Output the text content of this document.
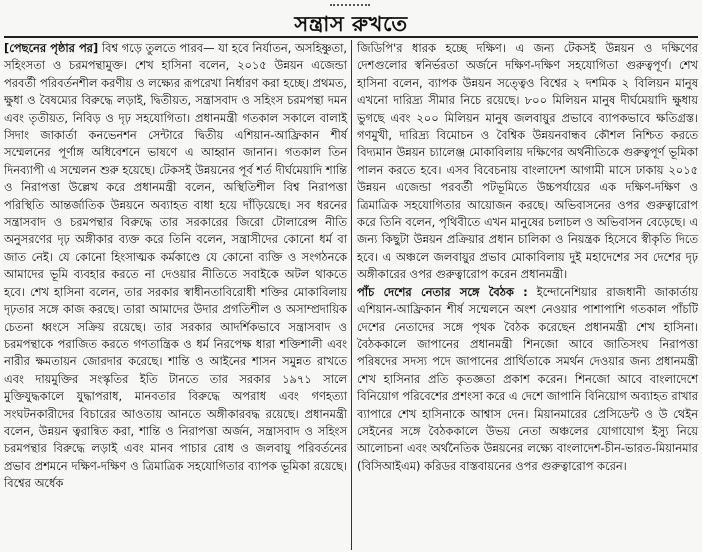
সন্ত্রাস রুখতে

[পেছনের পৃষ্ঠার পর] বিশ্ব গড়ে তুলতে পারব— যা হবে নির্যাতন, অসহিষ্ণুতা, সহিংসতা ও চরমপন্থামুক্ত। শেখ হাসিনা বলেন, ২০১৫ উন্নয়ন এজেন্ডা পরবর্তী পরিবর্তনশীল করণীয় ও লক্ষ্যের রূপরেখা নির্ধারণ করা হচ্ছে। প্রথমত, ক্ষুধা ও বৈষম্যের বিরুদ্ধে লড়াই, দ্বিতীয়ত, সন্ত্রাসবাদ ও সহিংস চরমপন্থা দমন এবং তৃতীয়ত, নিবিড় ও দৃঢ় সহযোগিতা। প্রধানমন্ত্রী গতকাল সকালে বালাই সিদাং জাকার্তা কনভেনশন সেন্টারে দ্বিতীয় এশিয়ান-আফ্রিকান শীর্ষ সম্মেলনের পূর্ণাঙ্গ অধিবেশনে ভাষণে এ আহ্বান জানান। গতকাল তিন দিনব্যাপী এ সম্মেলন শুরু হয়েছে। টেকসই উন্নয়নের পূর্ব শর্ত দীর্ঘমেয়াদি শান্তি ও নিরাপত্তা উল্লেখ করে প্রধানমন্ত্রী বলেন, অস্থিতিশীল বিশ্ব নিরাপত্তা পরিস্থিতি আন্তর্জাতিক উন্নয়নে অব্যাহত বাধা হয়ে দাঁড়িয়েছে। সব ধরনের সন্ত্রাসবাদ ও চরমপন্থার বিরুদ্ধে তার সরকারের জিরো টোলারেন্স নীতি অনুসরণের দৃঢ় অঙ্গীকার ব্যক্ত করে তিনি বলেন, সন্ত্রাসীদের কোনো ধর্ম বা জাত নেই। যে কোনো হিংসাত্মক কর্মকাণ্ডে যে কোনো ব্যক্তি ও সংগঠনকে আমাদের ভূমি ব্যবহার করতে না দেওয়ার নীতিতে সবাইকে অটল থাকতে হবে। শেখ হাসিনা বলেন, তার সরকার স্বাধীনতাবিরোধী শক্তির মোকাবিলায় দৃঢ়তার সঙ্গে কাজ করছে। তারা আমাদের উদার প্রগতিশীল ও অসাম্প্রদায়িক চেতনা ধ্বংসে সক্রিয় রয়েছে। তার সরকার আদর্শিকভাবে সন্ত্রাসবাদ ও চরমপন্থাকে পরাজিত করতে গণতান্ত্রিক ও ধর্ম নিরপেক্ষ ধারা শক্তিশালী এবং নারীর ক্ষমতায়ন জোরদার করেছে। শান্তি ও আইনের শাসন সমুন্নত রাখতে এবং দায়মুক্তির সংস্কৃতির ইতি টানতে তার সরকার ১৯৭১ সালে মুক্তিযুদ্ধকালে যুদ্ধাপরাধ, মানবতার বিরুদ্ধে অপরাধ এবং গণহত্যা সংঘটনকারীদের বিচারের আওতায় আনতে অঙ্গীকারবদ্ধ রয়েছে। প্রধানমন্ত্রী বলেন, উন্নয়ন ত্বরান্বিত করা, শান্তি ও নিরাপত্তা অর্জন, সন্ত্রাসবাদ ও সহিংস চরমপন্থার বিরুদ্ধে লড়াই এবং মানব পাচার রোধ ও জলবায়ু পরিবর্তনের প্রভাব প্রশমনে দক্ষিণ-দক্ষিণ ও ত্রিমাত্রিক সহযোগিতার ব্যাপক ভূমিকা রয়েছে। বিশ্বের অর্ধেক

জিডিপি'র ধারক হচ্ছে দক্ষিণ। এ জন্য টেকসই উন্নয়ন ও দক্ষিণের দেশগুলোর স্বনির্ভরতা অর্জনে দক্ষিণ-দক্ষিণ সহযোগিতা গুরুত্বপূর্ণ। শেখ হাসিনা বলেন, ব্যাপক উন্নয়ন সত্ত্বেও বিশ্বের ২ দশমিক ২ বিলিয়ন মানুষ এখনো দারিদ্র্য সীমার নিচে রয়েছে। ৮০০ মিলিয়ন মানুষ দীর্ঘমেয়াদি ক্ষুধায় ভুগছে এবং ২০০ মিলিয়ন মানুষ জলবায়ুর প্রভাবে ব্যাপকভাবে ক্ষতিগ্রস্ত। গণমুখী, দারিদ্র্য বিমোচন ও বৈশ্বিক উন্নয়নবান্ধব কৌশল নিশ্চিত করতে বিদ্যমান উন্নয়ন চ্যালেঞ্জ মোকাবিলায় দক্ষিণের অর্থনীতিকে গুরুত্বপূর্ণ ভূমিকা পালন করতে হবে। এসব বিবেচনায় বাংলাদেশ আগামী মাসে ঢাকায় ২০১৫ উন্নয়ন এজেন্ডা পরবর্তী পটভূমিতে উচ্চপর্যায়ের এক দক্ষিণ-দক্ষিণ ও ত্রিমাত্রিক সহযোগিতার আয়োজন করছে। অভিবাসনের ওপর গুরুত্বারোপ করে তিনি বলেন, পৃথিবীতে এখন মানুষের চলাচল ও অভিবাসন বেড়েছে। এ জন্য কিছুটা উন্নয়ন প্রক্রিয়ার প্রধান চালিকা ও নিয়ন্ত্রক হিসেবে স্বীকৃতি দিতে হবে। এ অঞ্চলে জলবায়ুর প্রভাব মোকাবিলায় দুই মহাদেশের সব দেশের দৃঢ় অঙ্গীকারের ওপর গুরুত্বারোপ করেন প্রধানমন্ত্রী।

পাঁচ দেশের নেতার সঙ্গে বৈঠক : ইন্দোনেশিয়ার রাজধানী জাকার্তায় এশিয়ান-আফ্রিকান শীর্ষ সম্মেলনে অংশ নেওয়ার পাশাপাশি গতকাল পাঁচটি দেশের নেতাদের সঙ্গে পৃথক বৈঠক করেছেন প্রধানমন্ত্রী শেখ হাসিনা। বৈঠককালে জাপানের প্রধানমন্ত্রী শিনজো আবে জাতিসংঘ নিরাপত্তা পরিষদের সদস্য পদে জাপানের প্রার্থিতাকে সমর্থন দেওয়ার জন্য প্রধানমন্ত্রী শেখ হাসিনার প্রতি কৃতজ্ঞতা প্রকাশ করেন। শিনজো আবে বাংলাদেশে বিনিয়োগ পরিবেশের প্রশংসা করে এ দেশে জাপানি বিনিয়োগ অব্যাহত রাখার ব্যাপারে শেখ হাসিনাকে আশ্বাস দেন। মিয়ানমারের প্রেসিডেন্ট ও উ থেইন সেইনের সঙ্গে বৈঠককালে উভয় নেতা অঞ্চলের যোগাযোগ ইস্যু নিয়ে আলোচনা এবং অর্থনৈতিক উন্নয়নের লক্ষ্যে বাংলাদেশ-চীন-ভারত-মিয়ানমার (বিসিআইএম) করিডর বাস্তবায়নের ওপর গুরুত্বারোপ করেন।
